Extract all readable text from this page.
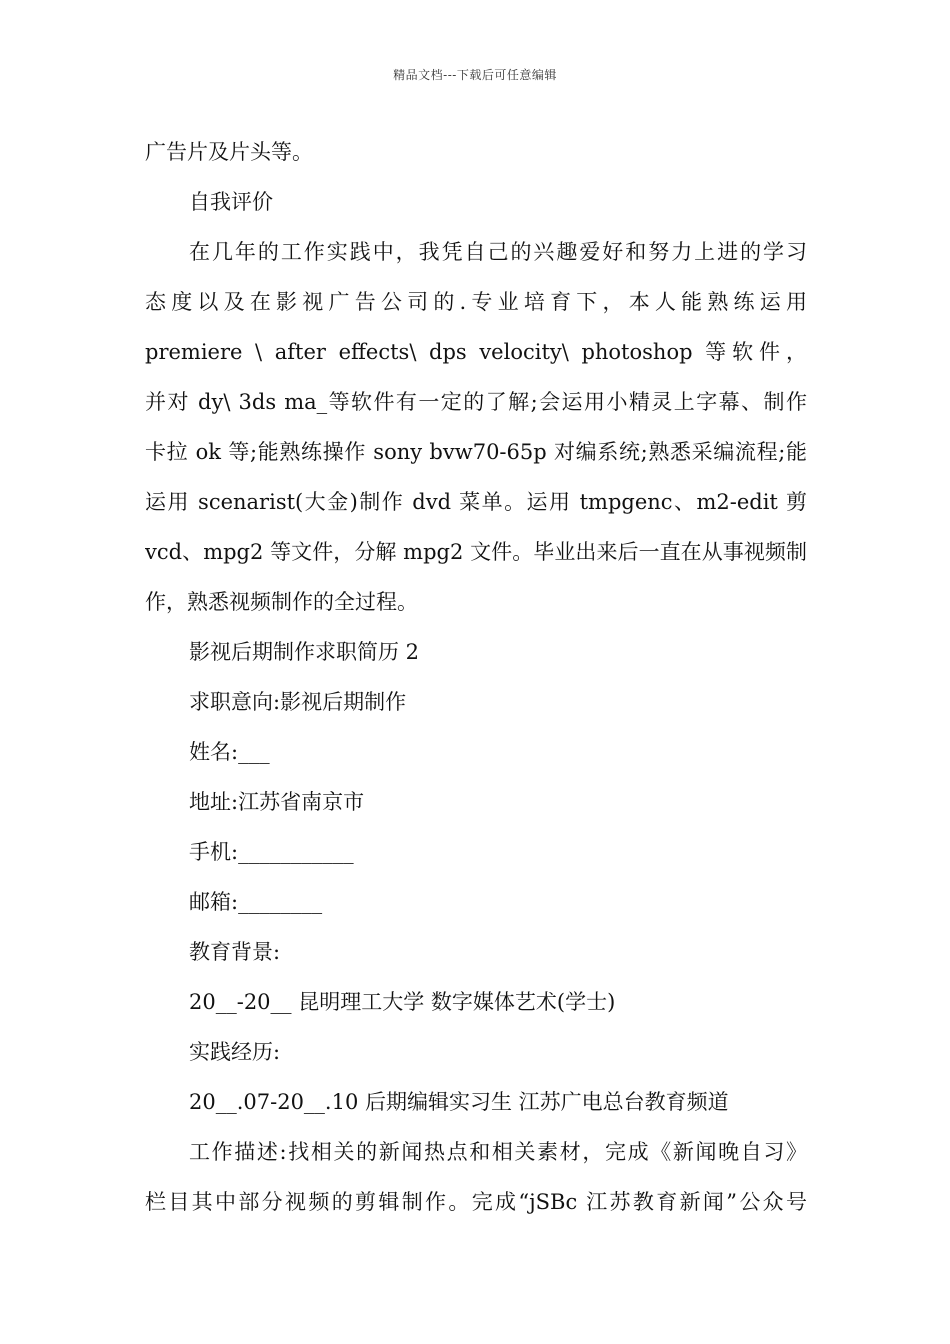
精品文档---下载后可任意编辑
广告片及片头等。
自我评价
在几年的工作实践中，我凭自己的兴趣爱好和努力上进的学习
态度以及在影视广告公司的.专业培育下，本人能熟练运用
premiere \ after effects\ dps velocity\ photoshop 等软件，
并对 dy\ 3ds ma_等软件有一定的了解;会运用小精灵上字幕、制作
卡拉 ok 等;能熟练操作 sony bvw70-65p 对编系统;熟悉采编流程;能
运用 scenarist(大金)制作 dvd 菜单。运用 tmpgenc、m2-edit 剪
vcd、mpg2 等文件，分解 mpg2 文件。毕业出来后一直在从事视频制
作，熟悉视频制作的全过程。
影视后期制作求职简历 2
求职意向:影视后期制作
姓名:___
地址:江苏省南京市
手机:___________
邮箱:________
教育背景:
20__-20__ 昆明理工大学 数字媒体艺术(学士)
实践经历:
20__.07-20__.10 后期编辑实习生 江苏广电总台教育频道
工作描述:找相关的新闻热点和相关素材，完成《新闻晚自习》
栏目其中部分视频的剪辑制作。完成“jSBc 江苏教育新闻”公众号
